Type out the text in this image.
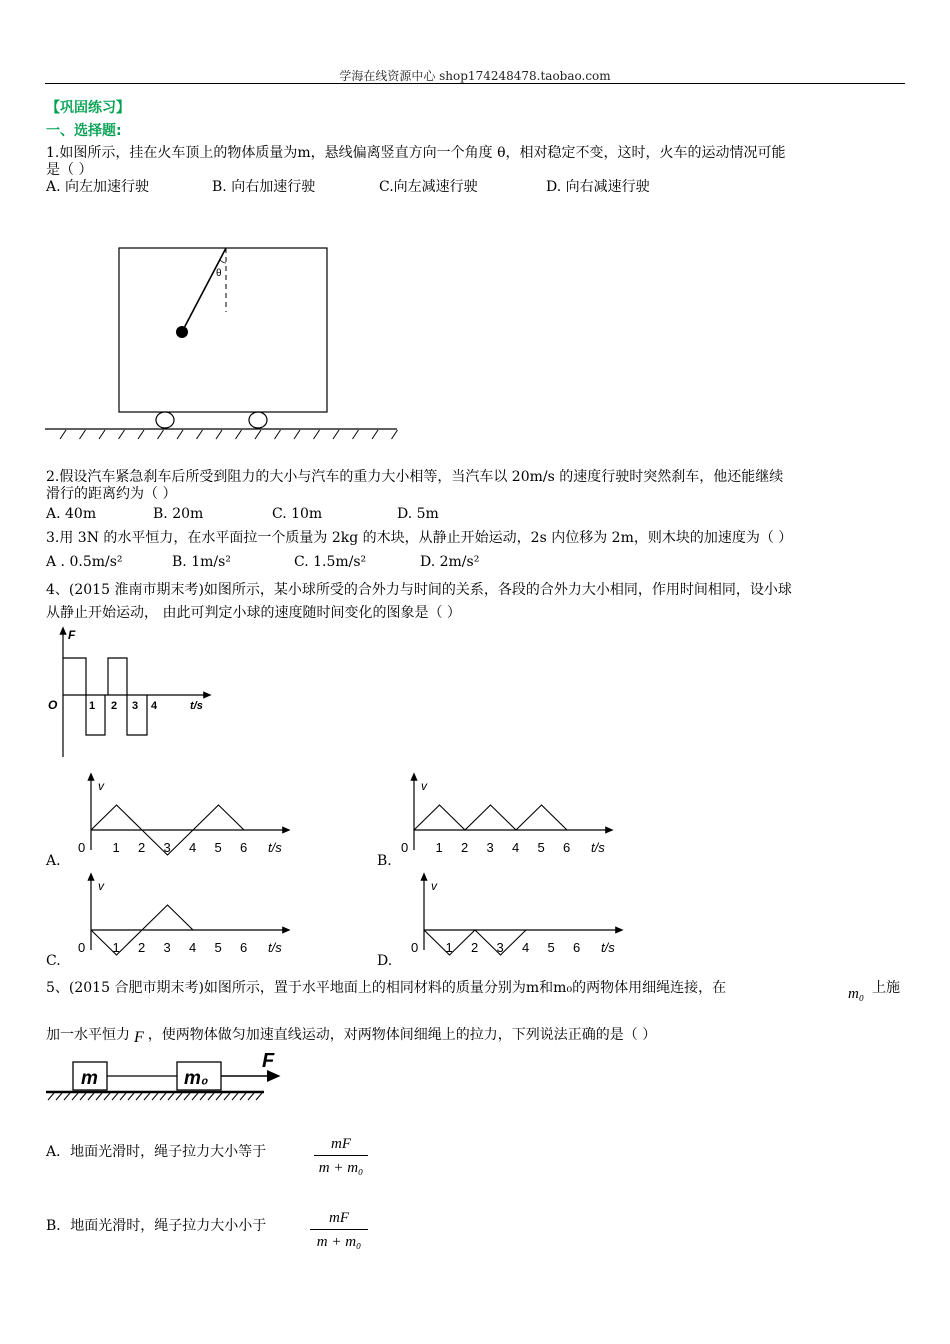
学海在线资源中心 shop174248478.taobao.com
【巩固练习】
一、选择题:
1.如图所示，挂在火车顶上的物体质量为m，悬线偏离竖直方向一个角度 θ，相对稳定不变，这时，火车的运动情况可能
是（ ）
A. 向左加速行驶	B. 向右加速行驶	C.向左减速行驶	D. 向右减速行驶
θ
2.假设汽车紧急刹车后所受到阻力的大小与汽车的重力大小相等，当汽车以 20m/s 的速度行驶时突然刹车，他还能继续
滑行的距离约为（ ）
A. 40m	B. 20m	C. 10m	D. 5m
3.用 3N 的水平恒力，在水平面拉一个质量为 2kg 的木块，从静止开始运动，2s 内位移为 2m，则木块的加速度为（ ）
A . 0.5m/s²	B. 1m/s²	C. 1.5m/s²	D. 2m/s²
4、(2015 淮南市期末考)如图所示，某小球所受的合外力与时间的关系，各段的合外力大小相同，作用时间相同，设小球
从静止开始运动， 由此可判定小球的速度随时间变化的图象是（ ）
F
t/s
O	1 2 3 4
A.	B.
C.	D.
v
t/s
0 1 2 3 4 5 6
v
t/s
0 1 2 3 4 5 6
v
t/s
0 1 2 3 4 5 6
v
t/s
0 1 2 3 4 5 6
5、(2015 合肥市期末考)如图所示，置于水平地面上的相同材料的质量分别为m和m₀的两物体用细绳连接，在	m₀ 上施
加一水平恒力 F ，使两物体做匀加速直线运动，对两物体间细绳上的拉力，下列说法正确的是（ ）
m	m₀
F
A．地面光滑时，绳子拉力大小等于	$\frac{mF}{\text{m + m₀}}$
B．地面光滑时，绳子拉力大小小于	$\frac{mF}{\text{m + m₀}}$
